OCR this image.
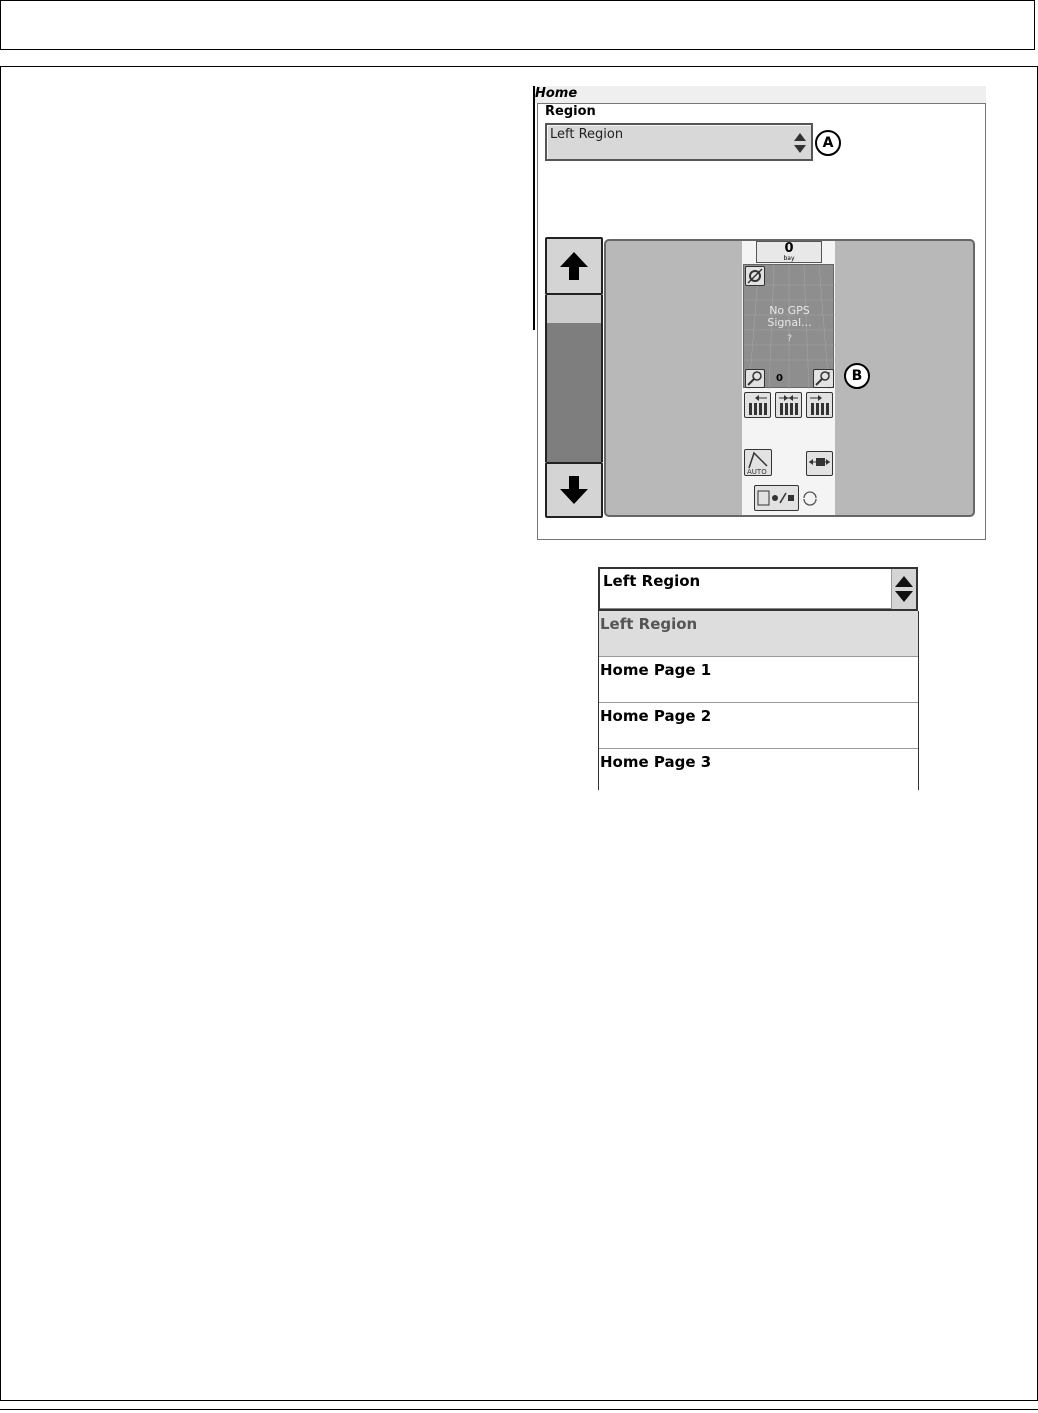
Home
Region
Left Region
A
0
bay
No GPS
Signal...
?
0
AUTO
B
Left Region
Left Region
Home Page 1
Home Page 2
Home Page 3
